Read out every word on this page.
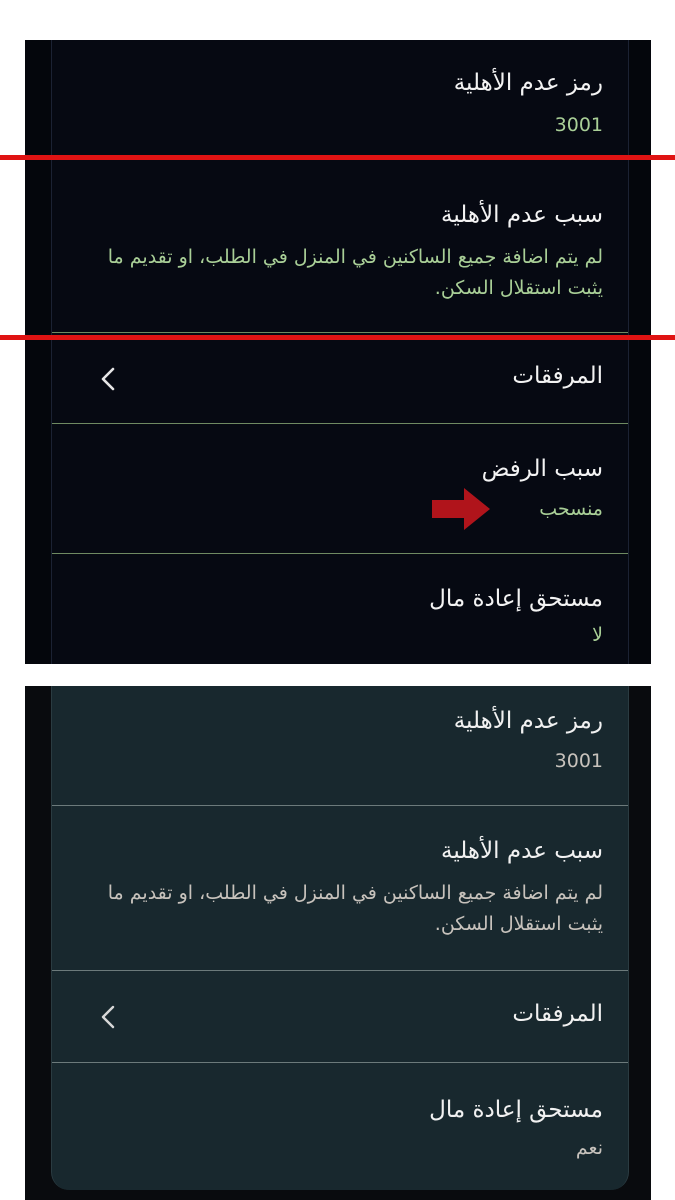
رمز عدم الأهلية
3001
سبب عدم الأهلية
لم يتم اضافة جميع الساكنين في المنزل في الطلب، او تقديم ما يثبت استقلال السكن.
المرفقات
سبب الرفض
منسحب
مستحق إعادة مال
لا
رمز عدم الأهلية
3001
سبب عدم الأهلية
لم يتم اضافة جميع الساكنين في المنزل في الطلب، او تقديم ما يثبت استقلال السكن.
المرفقات
مستحق إعادة مال
نعم
